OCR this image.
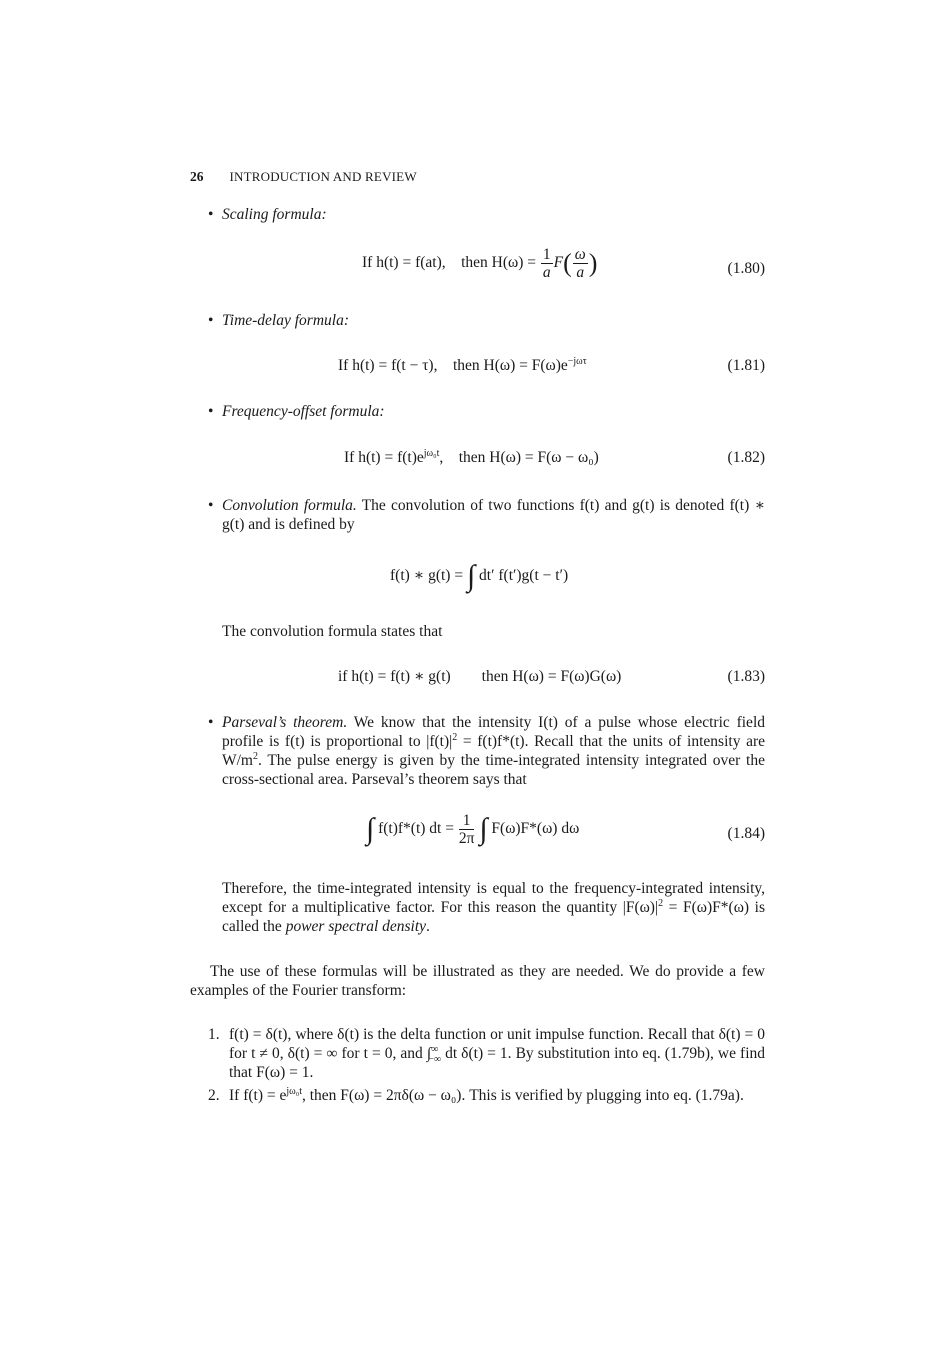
26 INTRODUCTION AND REVIEW
• Scaling formula:
If h(t) = f(at), then $H(\omega) = \frac{1}{a} F( \frac{\omega}{a}$ )	(1.80)
• Time-delay formula:
If h(t) = f(t − τ), then $H(\omega) = F(\omega)e^{-j\omega\tau}$	(1.81)
• Frequency-offset formula:
If $h(t) = f(t)e^{j\omega_0t}$, then H(ω) = F(ω − ω₀)	(1.82)
• Convolution formula. The convolution of two functions f(t) and g(t) is denoted f(t) ∗ g(t) and is defined by
f(t) ∗ g(t) = ∫ dt′ f(t′)g(t − t′)
The convolution formula states that
if h(t) = f(t) ∗ g(t) then H(ω) = F(ω)G(ω)	(1.83)
• Parseval’s theorem. We know that the intensity I(t) of a pulse whose electric field profile is f(t) is proportional to $|f(t)|^2 = f(t)f*(t)$. Recall that the units of intensity are $W/m^2$. The pulse energy is given by the time-integrated intensity integrated over the cross-sectional area. Parseval’s theorem says that
∫ f(t)f*(t) dt = $\frac{1}{2\pi}$ ∫ F(ω)F*(ω) dω	(1.84)
Therefore, the time-integrated intensity is equal to the frequency-integrated intensity, except for a multiplicative factor. For this reason the quantity $|F(\omega)|^2 = F(\omega)F*(\omega)$ is called the power spectral density.
The use of these formulas will be illustrated as they are needed. We do provide a few examples of the Fourier transform:
1. f(t) = δ(t), where δ(t) is the delta function or unit impulse function. Recall that δ(t) = 0 for t ≠ 0, δ(t) = ∞ for t = 0, and $\int^\infty_{-\infty}$ dt δ(t) = 1. By substitution into eq. (1.79b), we find that F(ω) = 1.
2. If $f(t) = e^{j\omega_0t}$, then F(ω) = 2πδ(ω − ω₀). This is verified by plugging into eq. (1.79a).
